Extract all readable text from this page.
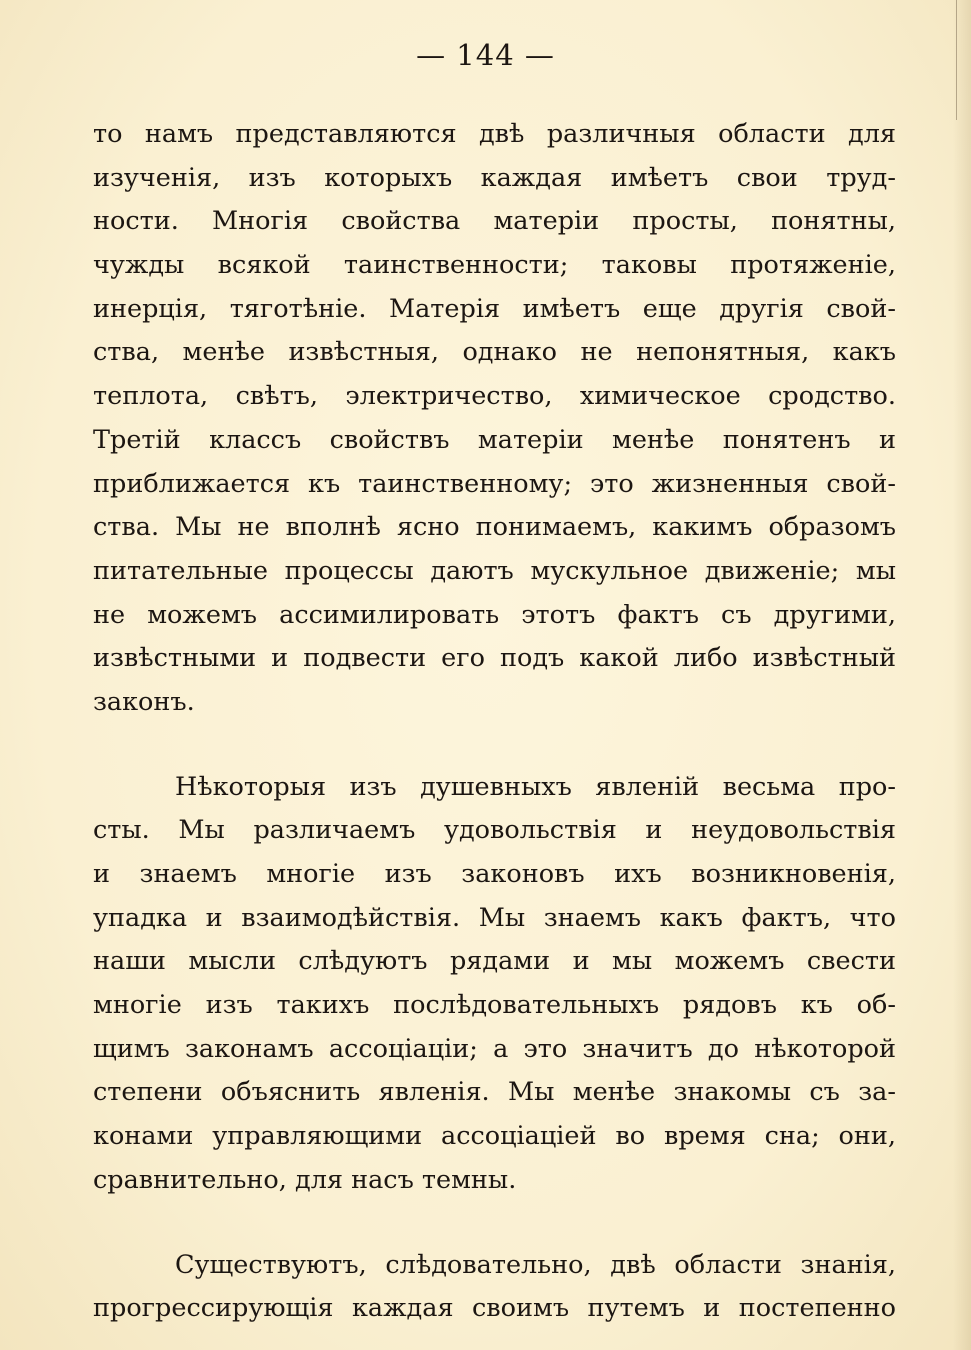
— 144 —
то намъ представляются двѣ различныя области для
изученія, изъ которыхъ каждая имѣетъ свои труд-
ности. Многія свойства матеріи просты, понятны,
чужды всякой таинственности; таковы протяженіе,
инерція, тяготѣніе. Матерія имѣетъ еще другія свой-
ства, менѣе извѣстныя, однако не непонятныя, какъ
теплота, свѣтъ, электричество, химическое сродство.
Третій классъ свойствъ матеріи менѣе понятенъ и
приближается къ таинственному; это жизненныя свой-
ства. Мы не вполнѣ ясно понимаемъ, какимъ образомъ
питательные процессы даютъ мускульное движеніе; мы
не можемъ ассимилировать этотъ фактъ съ другими,
извѣстными и подвести его подъ какой либо извѣстный
законъ.
Нѣкоторыя изъ душевныхъ явленій весьма про-
сты. Мы различаемъ удовольствія и неудовольствія
и знаемъ многіе изъ законовъ ихъ возникновенія,
упадка и взаимодѣйствія. Мы знаемъ какъ фактъ, что
наши мысли слѣдуютъ рядами и мы можемъ свести
многіе изъ такихъ послѣдовательныхъ рядовъ къ об-
щимъ законамъ ассоціаціи; а это значитъ до нѣкоторой
степени объяснить явленія. Мы менѣе знакомы съ за-
конами управляющими ассоціаціей во время сна; они,
сравнительно, для насъ темны.
Существуютъ, слѣдовательно, двѣ области знанія,
прогрессирующія каждая своимъ путемъ и постепенно
